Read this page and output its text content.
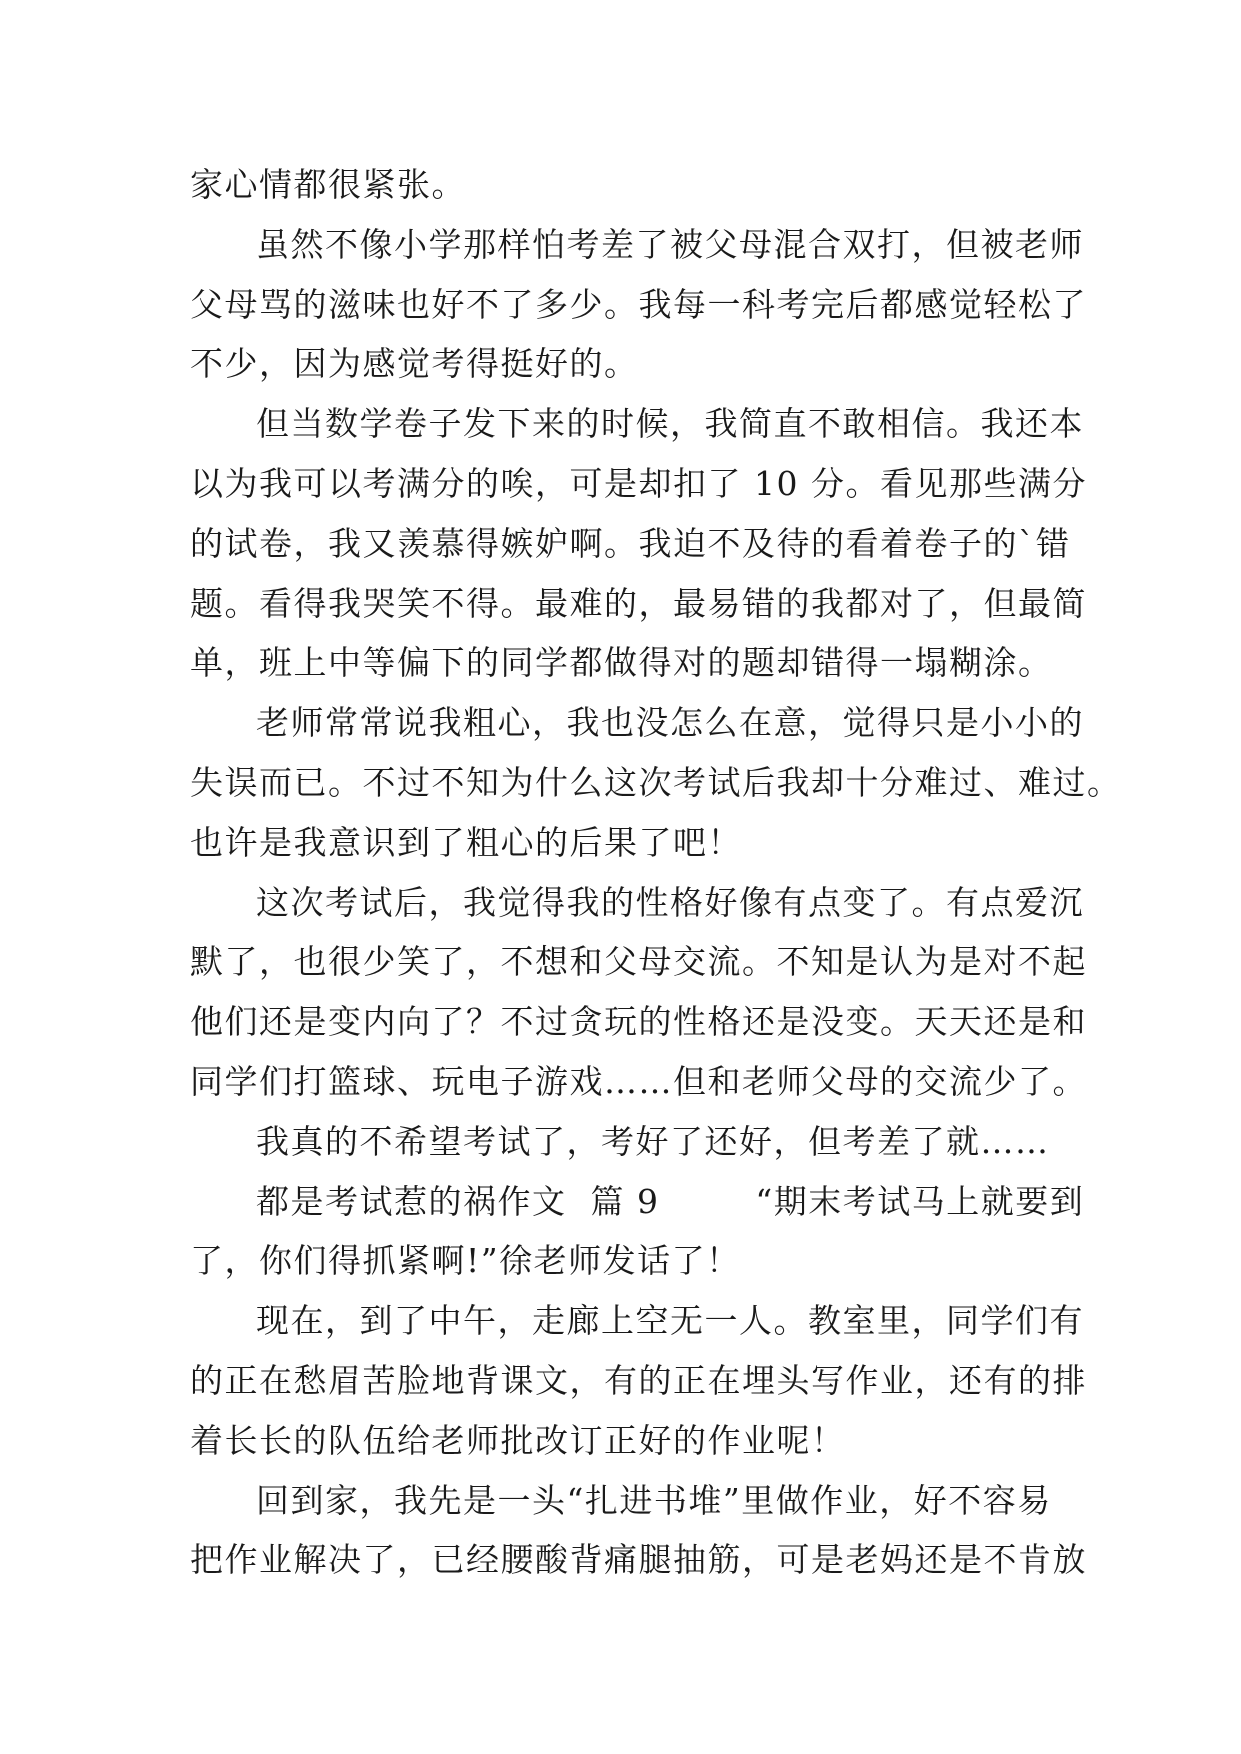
家心情都很紧张。
虽然不像小学那样怕考差了被父母混合双打，但被老师
父母骂的滋味也好不了多少。我每一科考完后都感觉轻松了
不少，因为感觉考得挺好的。
但当数学卷子发下来的时候，我简直不敢相信。我还本
以为我可以考满分的唉，可是却扣了 10 分。看见那些满分
的试卷，我又羡慕得嫉妒啊。我迫不及待的看着卷子的`错
题。看得我哭笑不得。最难的，最易错的我都对了，但最简
单，班上中等偏下的同学都做得对的题却错得一塌糊涂。
老师常常说我粗心，我也没怎么在意，觉得只是小小的
失误而已。不过不知为什么这次考试后我却十分难过、难过。
也许是我意识到了粗心的后果了吧！
这次考试后，我觉得我的性格好像有点变了。有点爱沉
默了，也很少笑了，不想和父母交流。不知是认为是对不起
他们还是变内向了？不过贪玩的性格还是没变。天天还是和
同学们打篮球、玩电子游戏……但和老师父母的交流少了。
我真的不希望考试了，考好了还好，但考差了就……
都是考试惹的祸作文  篇 9        “期末考试马上就要到
了，你们得抓紧啊!”徐老师发话了！
现在，到了中午，走廊上空无一人。教室里，同学们有
的正在愁眉苦脸地背课文，有的正在埋头写作业，还有的排
着长长的队伍给老师批改订正好的作业呢！
回到家，我先是一头“扎进书堆”里做作业，好不容易
把作业解决了，已经腰酸背痛腿抽筋，可是老妈还是不肯放
